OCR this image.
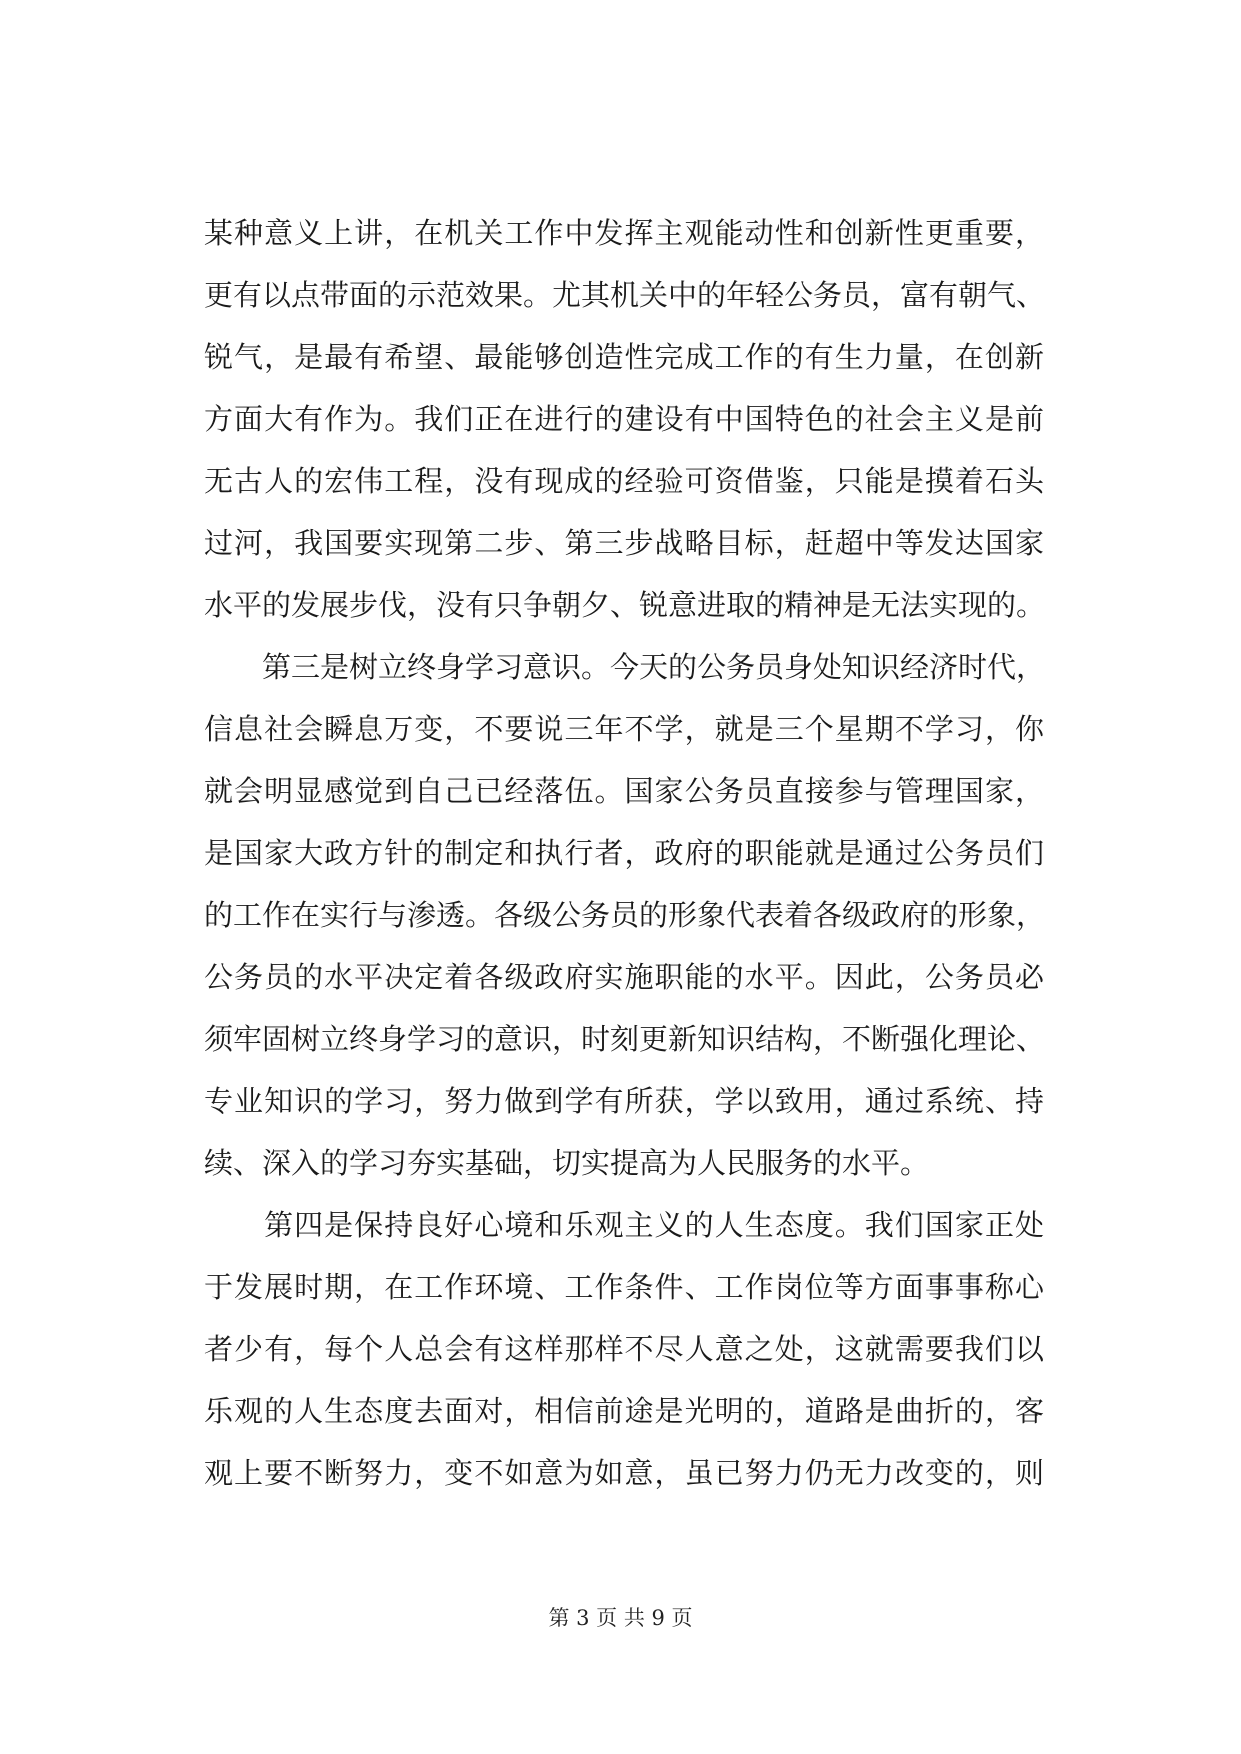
某种意义上讲，在机关工作中发挥主观能动性和创新性更重要，
更有以点带面的示范效果。尤其机关中的年轻公务员，富有朝气、
锐气，是最有希望、最能够创造性完成工作的有生力量，在创新
方面大有作为。我们正在进行的建设有中国特色的社会主义是前
无古人的宏伟工程，没有现成的经验可资借鉴，只能是摸着石头
过河，我国要实现第二步、第三步战略目标，赶超中等发达国家
水平的发展步伐，没有只争朝夕、锐意进取的精神是无法实现的。
　　第三是树立终身学习意识。今天的公务员身处知识经济时代，
信息社会瞬息万变，不要说三年不学，就是三个星期不学习，你
就会明显感觉到自己已经落伍。国家公务员直接参与管理国家，
是国家大政方针的制定和执行者，政府的职能就是通过公务员们
的工作在实行与渗透。各级公务员的形象代表着各级政府的形象，
公务员的水平决定着各级政府实施职能的水平。因此，公务员必
须牢固树立终身学习的意识，时刻更新知识结构，不断强化理论、
专业知识的学习，努力做到学有所获，学以致用，通过系统、持
续、深入的学习夯实基础，切实提高为人民服务的水平。
　　第四是保持良好心境和乐观主义的人生态度。我们国家正处
于发展时期，在工作环境、工作条件、工作岗位等方面事事称心
者少有，每个人总会有这样那样不尽人意之处，这就需要我们以
乐观的人生态度去面对，相信前途是光明的，道路是曲折的，客
观上要不断努力，变不如意为如意，虽已努力仍无力改变的，则
第 3 页 共 9 页
